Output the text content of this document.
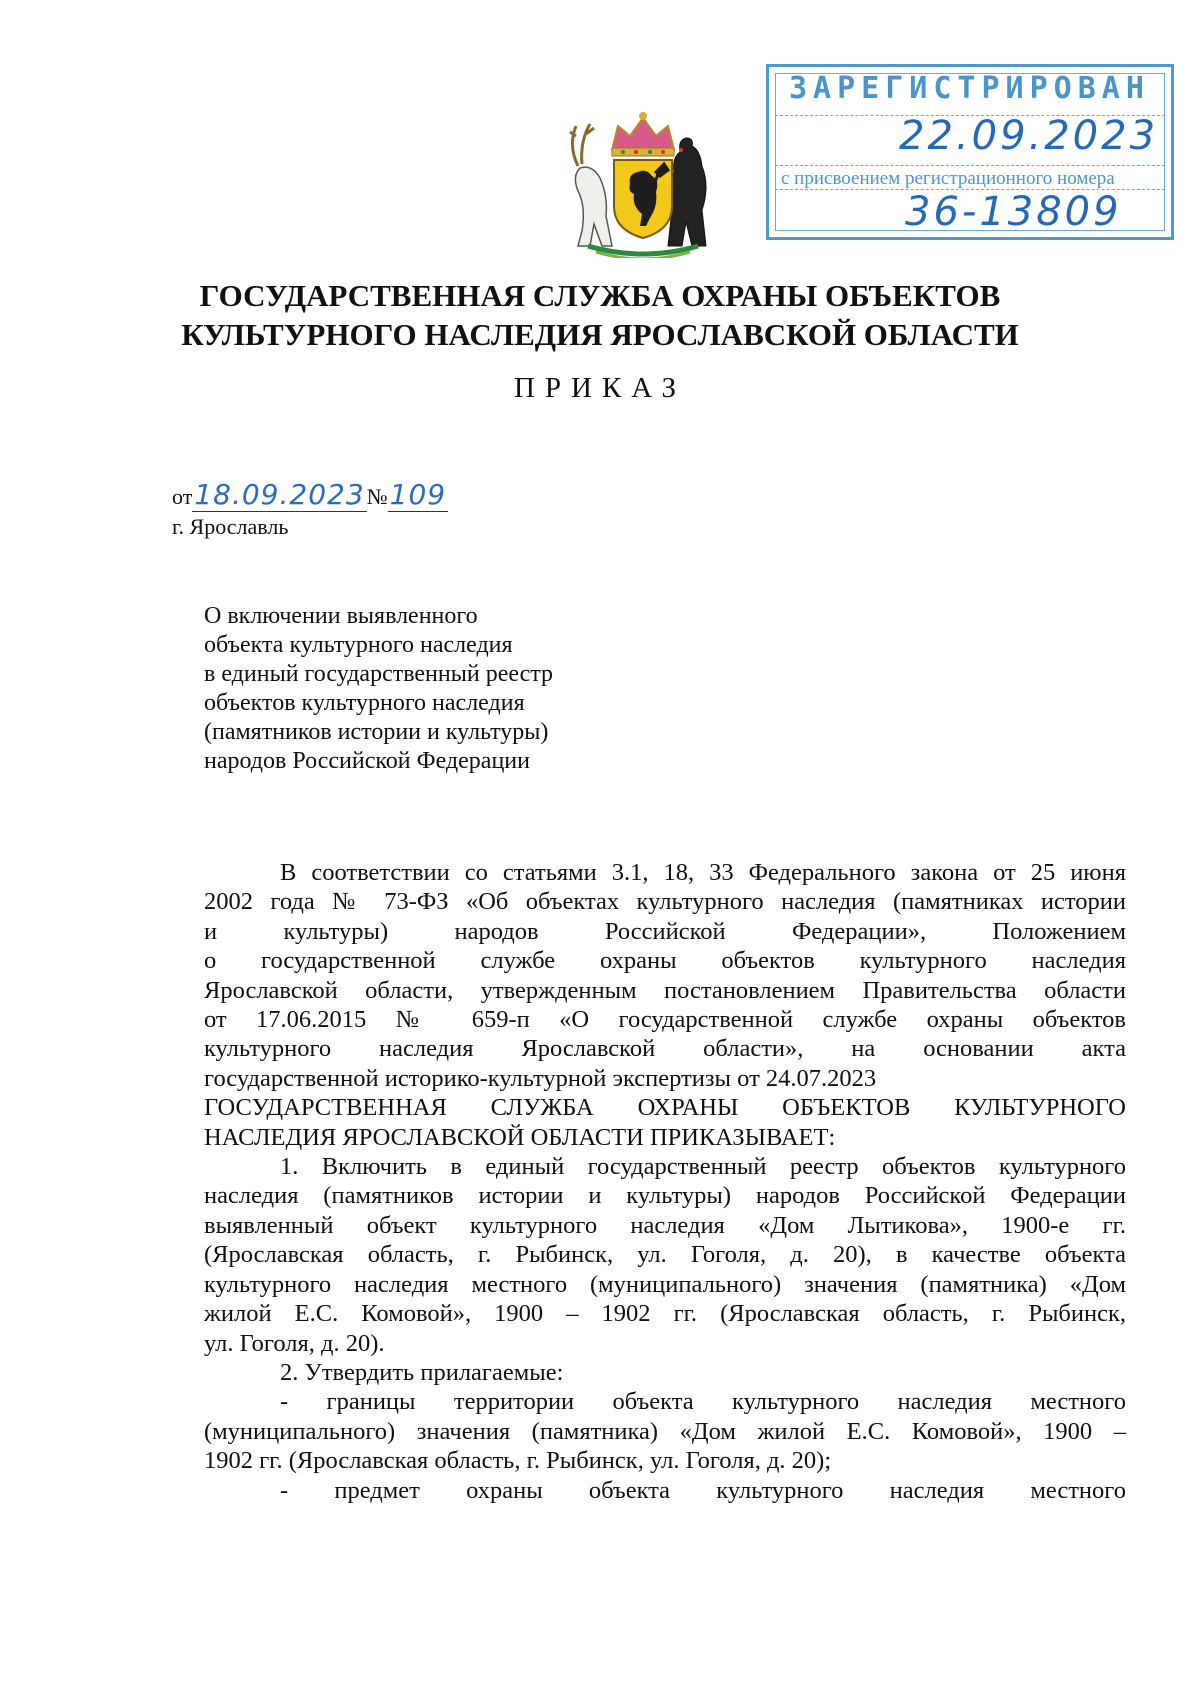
ЗАРЕГИСТРИРОВАН
22.09.2023
с присвоением регистрационного номера
36-13809
ГОСУДАРСТВЕННАЯ СЛУЖБА ОХРАНЫ ОБЪЕКТОВ
КУЛЬТУРНОГО НАСЛЕДИЯ ЯРОСЛАВСКОЙ ОБЛАСТИ
ПРИКАЗ
от18.09.2023№109
г. Ярославль
О включении выявленного
объекта культурного наследия
в единый государственный реестр
объектов культурного наследия
(памятников истории и культуры)
народов Российской Федерации
В соответствии со статьями 3.1, 18, 33 Федерального закона от 25 июня
2002 года № 73-ФЗ «Об объектах культурного наследия (памятниках истории
и культуры) народов Российской Федерации», Положением
о государственной службе охраны объектов культурного наследия
Ярославской области, утвержденным постановлением Правительства области
от 17.06.2015 № 659-п «О государственной службе охраны объектов
культурного наследия Ярославской области», на основании акта
государственной историко-культурной экспертизы от 24.07.2023
ГОСУДАРСТВЕННАЯ СЛУЖБА ОХРАНЫ ОБЪЕКТОВ КУЛЬТУРНОГО
НАСЛЕДИЯ ЯРОСЛАВСКОЙ ОБЛАСТИ ПРИКАЗЫВАЕТ:
1. Включить в единый государственный реестр объектов культурного
наследия (памятников истории и культуры) народов Российской Федерации
выявленный объект культурного наследия «Дом Лытикова», 1900-е гг.
(Ярославская область, г. Рыбинск, ул. Гоголя, д. 20), в качестве объекта
культурного наследия местного (муниципального) значения (памятника) «Дом
жилой Е.С. Комовой», 1900 – 1902 гг. (Ярославская область, г. Рыбинск,
ул. Гоголя, д. 20).
2. Утвердить прилагаемые:
- границы территории объекта культурного наследия местного
(муниципального) значения (памятника) «Дом жилой Е.С. Комовой», 1900 –
1902 гг. (Ярославская область, г. Рыбинск, ул. Гоголя, д. 20);
- предмет охраны объекта культурного наследия местного
